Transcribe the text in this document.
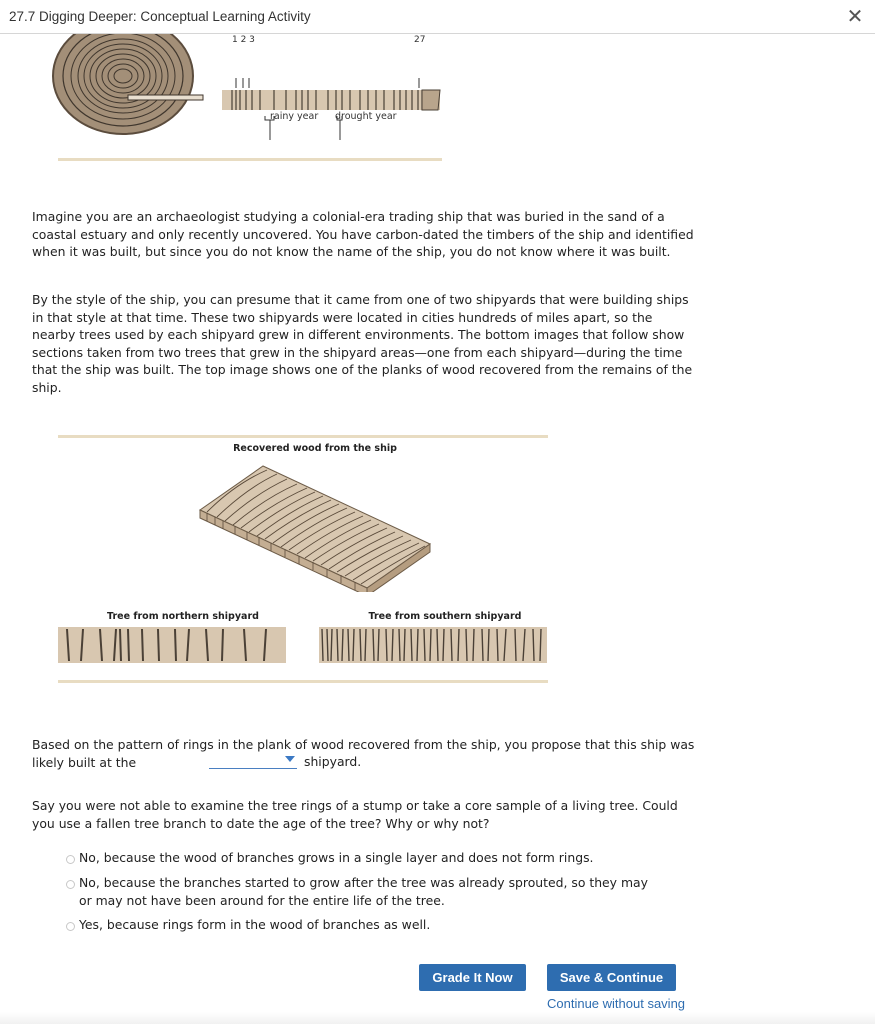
27.7 Digging Deeper: Conceptual Learning Activity	✕
1 2 3	27
rainy year drought year
Imagine you are an archaeologist studying a colonial-era trading ship that was buried in the sand of a coastal estuary and only recently uncovered. You have carbon-dated the timbers of the ship and identified when it was built, but since you do not know the name of the ship, you do not know where it was built.
By the style of the ship, you can presume that it came from one of two shipyards that were building ships in that style at that time. These two shipyards were located in cities hundreds of miles apart, so the nearby trees used by each shipyard grew in different environments. The bottom images that follow show sections taken from two trees that grew in the shipyard areas—one from each shipyard—during the time that the ship was built. The top image shows one of the planks of wood recovered from the remains of the ship.
Recovered wood from the ship
Tree from northern shipyard	Tree from southern shipyard
Based on the pattern of rings in the plank of wood recovered from the ship, you propose that this ship was likely built at the	shipyard.
Say you were not able to examine the tree rings of a stump or take a core sample of a living tree. Could you use a fallen tree branch to date the age of the tree? Why or why not?
No, because the wood of branches grows in a single layer and does not form rings.
No, because the branches started to grow after the tree was already sprouted, so they may or may not have been around for the entire life of the tree.
Yes, because rings form in the wood of branches as well.
Grade It Now	Save & Continue
Continue without saving
